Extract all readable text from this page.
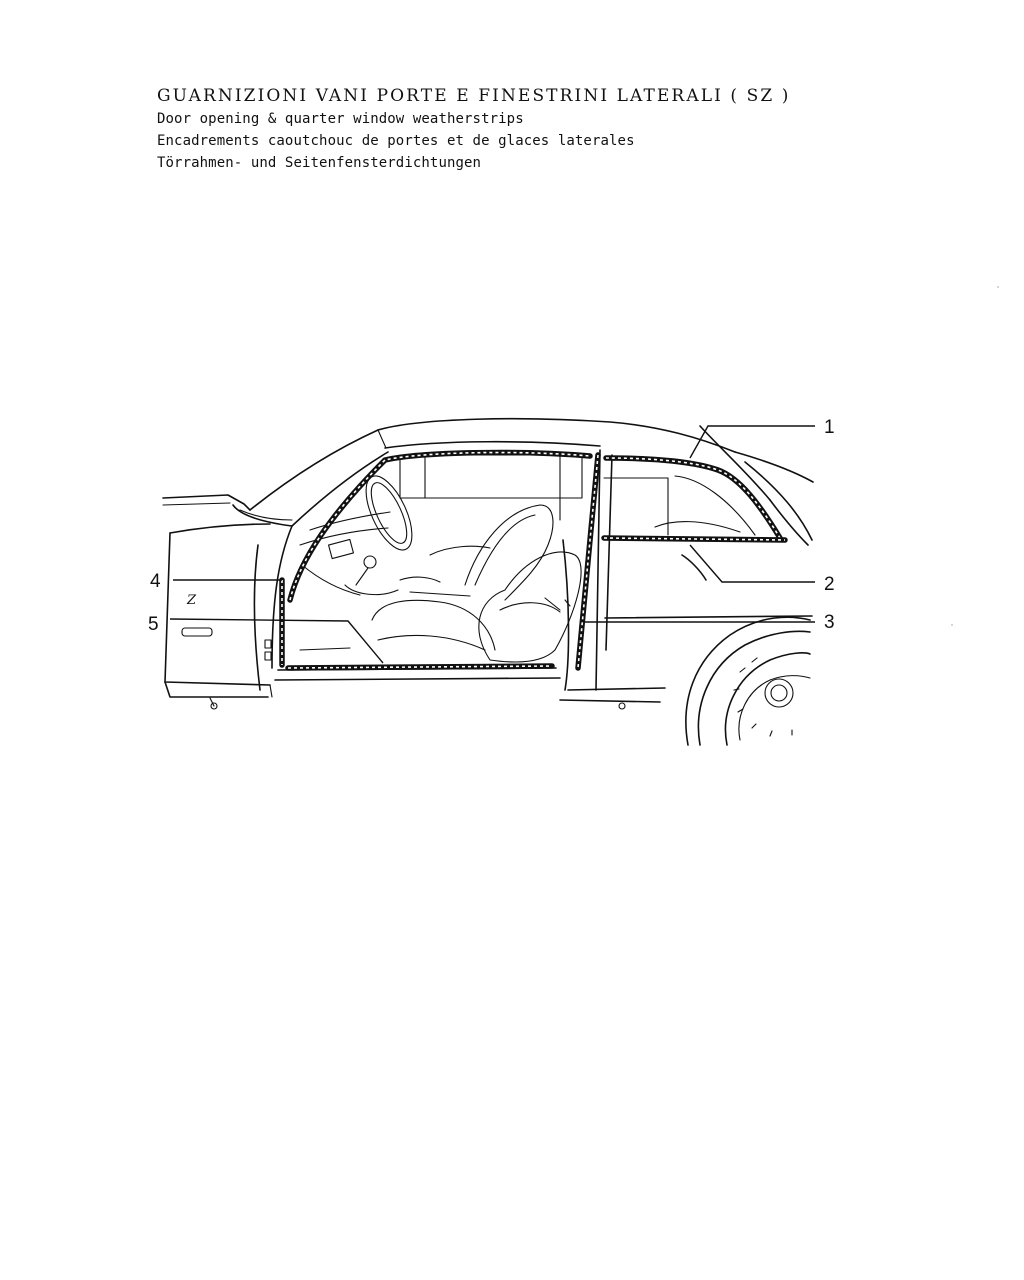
GUARNIZIONI VANI PORTE E FINESTRINI LATERALI ( SZ )
Door opening & quarter window weatherstrips
Encadrements caoutchouc de portes et de glaces laterales
Törrahmen- und Seitenfensterdichtungen
Z
1
2
3
4
5
